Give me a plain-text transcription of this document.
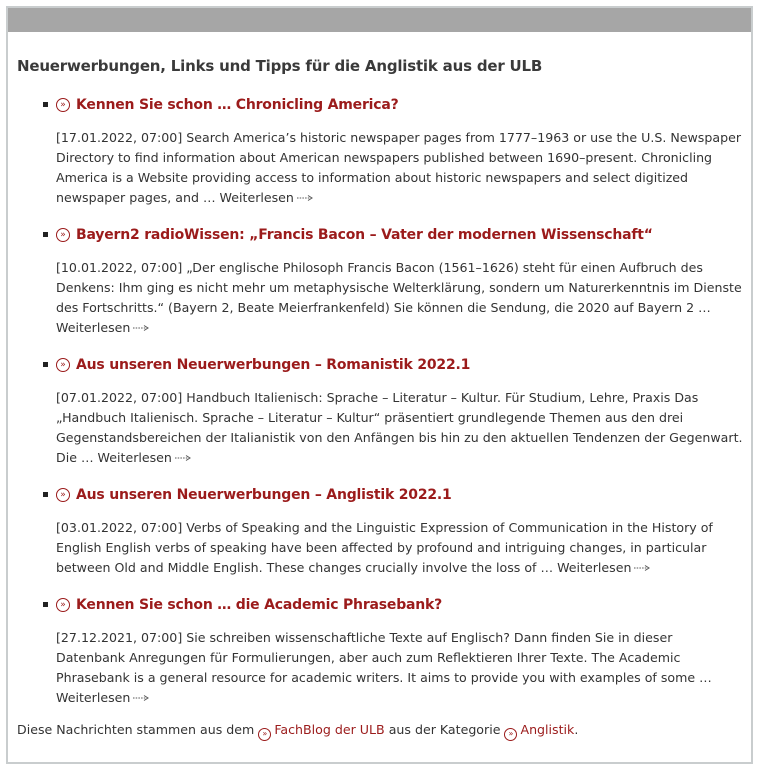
Neuerwerbungen, Links und Tipps für die Anglistik aus der ULB
» Kennen Sie schon … Chronicling America?
[17.01.2022, 07:00] Search America’s historic newspaper pages from 1777–1963 or use the U.S. Newspaper Directory to find information about American newspapers published between 1690–present. Chronicling America is a Website providing access to information about historic newspapers and select digitized newspaper pages, and … Weiterlesen
» Bayern2 radioWissen: „Francis Bacon – Vater der modernen Wissenschaft“
[10.01.2022, 07:00] „Der englische Philosoph Francis Bacon (1561–1626) steht für einen Aufbruch des Denkens: Ihm ging es nicht mehr um metaphysische Welterklärung, sondern um Naturerkenntnis im Dienste des Fortschritts.“ (Bayern 2, Beate Meierfrankenfeld) Sie können die Sendung, die 2020 auf Bayern 2 … Weiterlesen
» Aus unseren Neuerwerbungen – Romanistik 2022.1
[07.01.2022, 07:00] Handbuch Italienisch: Sprache – Literatur – Kultur. Für Studium, Lehre, Praxis Das „Handbuch Italienisch. Sprache – Literatur – Kultur“ präsentiert grundlegende Themen aus den drei Gegenstandsbereichen der Italianistik von den Anfängen bis hin zu den aktuellen Tendenzen der Gegenwart. Die … Weiterlesen
» Aus unseren Neuerwerbungen – Anglistik 2022.1
[03.01.2022, 07:00] Verbs of Speaking and the Linguistic Expression of Communication in the History of English English verbs of speaking have been affected by profound and intriguing changes, in particular between Old and Middle English. These changes crucially involve the loss of … Weiterlesen
» Kennen Sie schon … die Academic Phrasebank?
[27.12.2021, 07:00] Sie schreiben wissenschaftliche Texte auf Englisch? Dann finden Sie in dieser Datenbank Anregungen für Formulierungen, aber auch zum Reflektieren Ihrer Texte. The Academic Phrasebank is a general resource for academic writers. It aims to provide you with examples of some … Weiterlesen
Diese Nachrichten stammen aus dem » FachBlog der ULB aus der Kategorie » Anglistik.
